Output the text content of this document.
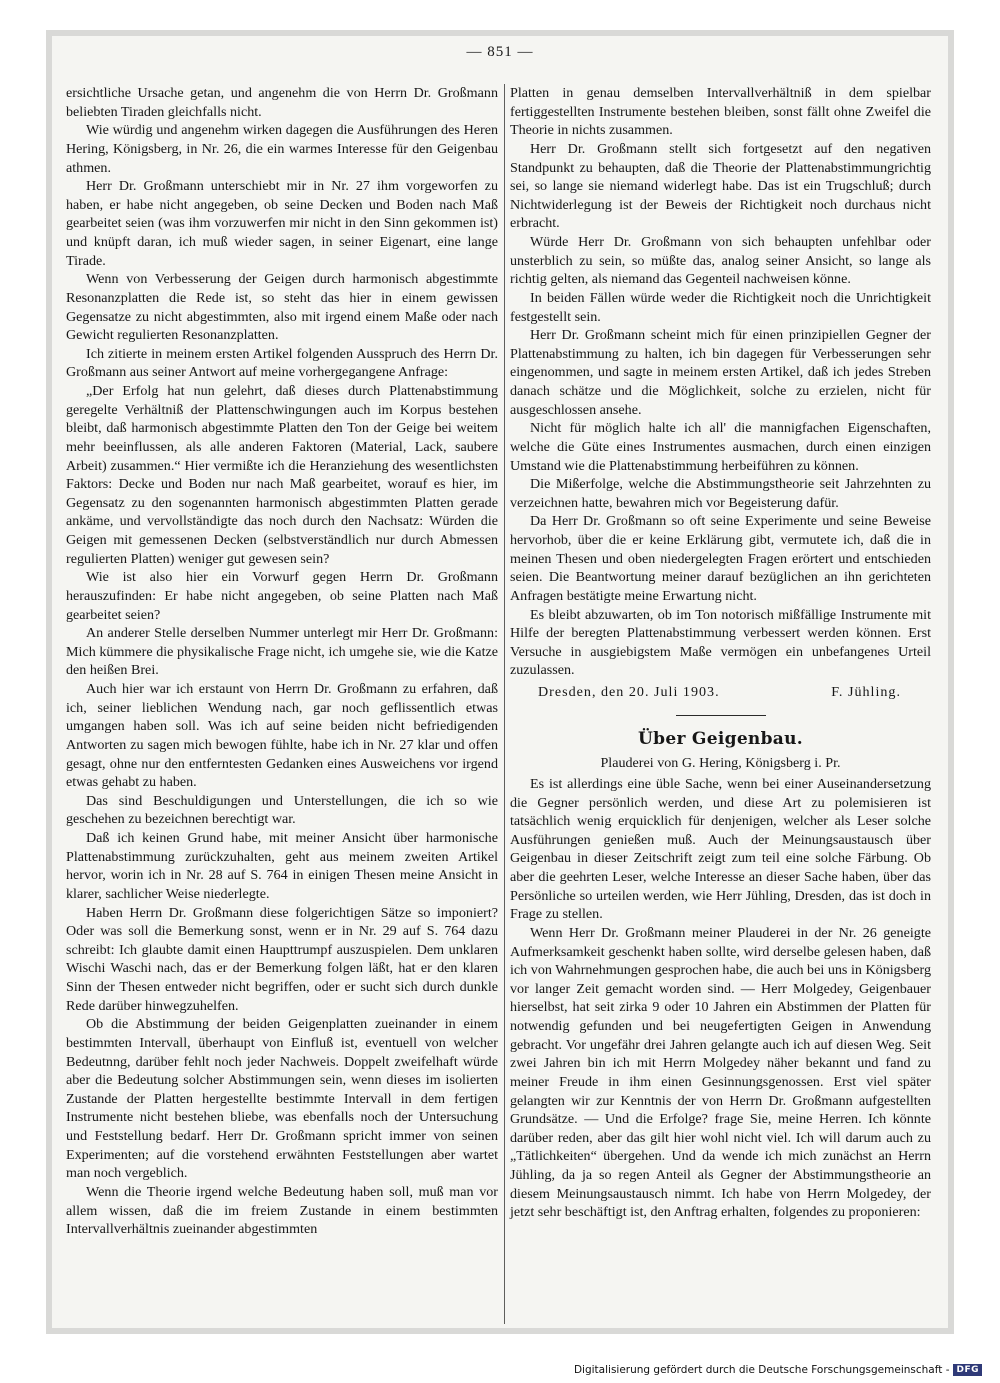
— 851 —

ersichtliche Ursache getan, und angenehm die von Herrn Dr. Großmann beliebten Tiraden gleichfalls nicht.

Wie würdig und angenehm wirken dagegen die Ausführungen des Heren Hering, Königsberg, in Nr. 26, die ein warmes Interesse für den Geigenbau athmen.

Herr Dr. Großmann unterschiebt mir in Nr. 27 ihm vorgeworfen zu haben, er habe nicht angegeben, ob seine Decken und Boden nach Maß gearbeitet seien (was ihm vorzuwerfen mir nicht in den Sinn gekommen ist) und knüpft daran, ich muß wieder sagen, in seiner Eigenart, eine lange Tirade.

Wenn von Verbesserung der Geigen durch harmonisch abgestimmte Resonanzplatten die Rede ist, so steht das hier in einem gewissen Gegensatze zu nicht abgestimmten, also mit irgend einem Maße oder nach Gewicht regulierten Resonanzplatten.

Ich zitierte in meinem ersten Artikel folgenden Ausspruch des Herrn Dr. Großmann aus seiner Antwort auf meine vorhergegangene Anfrage:

„Der Erfolg hat nun gelehrt, daß dieses durch Plattenabstimmung geregelte Verhältniß der Plattenschwingungen auch im Korpus bestehen bleibt, daß harmonisch abgestimmte Platten den Ton der Geige bei weitem mehr beeinflussen, als alle anderen Faktoren (Material, Lack, saubere Arbeit) zusammen.“ Hier vermißte ich die Heranziehung des wesentlichsten Faktors: Decke und Boden nur nach Maß gearbeitet, worauf es hier, im Gegensatz zu den sogenannten harmonisch abgestimmten Platten gerade ankäme, und vervollständigte das noch durch den Nachsatz: Würden die Geigen mit gemessenen Decken (selbstverständlich nur durch Abmessen regulierten Platten) weniger gut gewesen sein?

Wie ist also hier ein Vorwurf gegen Herrn Dr. Großmann herauszufinden: Er habe nicht angegeben, ob seine Platten nach Maß gearbeitet seien?

An anderer Stelle derselben Nummer unterlegt mir Herr Dr. Großmann: Mich kümmere die physikalische Frage nicht, ich umgehe sie, wie die Katze den heißen Brei.

Auch hier war ich erstaunt von Herrn Dr. Großmann zu erfahren, daß ich, seiner lieblichen Wendung nach, gar noch geflissentlich etwas umgangen haben soll. Was ich auf seine beiden nicht befriedigenden Antworten zu sagen mich bewogen fühlte, habe ich in Nr. 27 klar und offen gesagt, ohne nur den entferntesten Gedanken eines Ausweichens vor irgend etwas gehabt zu haben.

Das sind Beschuldigungen und Unterstellungen, die ich so wie geschehen zu bezeichnen berechtigt war.

Daß ich keinen Grund habe, mit meiner Ansicht über harmonische Plattenabstimmung zurückzuhalten, geht aus meinem zweiten Artikel hervor, worin ich in Nr. 28 auf S. 764 in einigen Thesen meine Ansicht in klarer, sachlicher Weise niederlegte.

Haben Herrn Dr. Großmann diese folgerichtigen Sätze so imponiert? Oder was soll die Bemerkung sonst, wenn er in Nr. 29 auf S. 764 dazu schreibt: Ich glaubte damit einen Haupttrumpf auszuspielen. Dem unklaren Wischi Waschi nach, das er der Bemerkung folgen läßt, hat er den klaren Sinn der Thesen entweder nicht begriffen, oder er sucht sich durch dunkle Rede darüber hinwegzuhelfen.

Ob die Abstimmung der beiden Geigenplatten zueinander in einem bestimmten Intervall, überhaupt von Einfluß ist, eventuell von welcher Bedeutnng, darüber fehlt noch jeder Nachweis. Doppelt zweifelhaft würde aber die Bedeutung solcher Abstimmungen sein, wenn dieses im isolierten Zustande der Platten hergestellte bestimmte Intervall in dem fertigen Instrumente nicht bestehen bliebe, was ebenfalls noch der Untersuchung und Feststellung bedarf. Herr Dr. Großmann spricht immer von seinen Experimenten; auf die vorstehend erwähnten Feststellungen aber wartet man noch vergeblich.

Wenn die Theorie irgend welche Bedeutung haben soll, muß man vor allem wissen, daß die im freiem Zustande in einem bestimmten Intervallverhältnis zueinander abgestimmten

Platten in genau demselben Intervallverhältniß in dem spielbar fertiggestellten Instrumente bestehen bleiben, sonst fällt ohne Zweifel die Theorie in nichts zusammen.

Herr Dr. Großmann stellt sich fortgesetzt auf den negativen Standpunkt zu behaupten, daß die Theorie der Plattenabstimmungrichtig sei, so lange sie niemand widerlegt habe. Das ist ein Trugschluß; durch Nichtwiderlegung ist der Beweis der Richtigkeit noch durchaus nicht erbracht.

Würde Herr Dr. Großmann von sich behaupten unfehlbar oder unsterblich zu sein, so müßte das, analog seiner Ansicht, so lange als richtig gelten, als niemand das Gegenteil nachweisen könne.

In beiden Fällen würde weder die Richtigkeit noch die Unrichtigkeit festgestellt sein.

Herr Dr. Großmann scheint mich für einen prinzipiellen Gegner der Plattenabstimmung zu halten, ich bin dagegen für Verbesserungen sehr eingenommen, und sagte in meinem ersten Artikel, daß ich jedes Streben danach schätze und die Möglichkeit, solche zu erzielen, nicht für ausgeschlossen ansehe.

Nicht für möglich halte ich all' die mannigfachen Eigenschaften, welche die Güte eines Instrumentes ausmachen, durch einen einzigen Umstand wie die Plattenabstimmung herbeiführen zu können.

Die Mißerfolge, welche die Abstimmungstheorie seit Jahrzehnten zu verzeichnen hatte, bewahren mich vor Begeisterung dafür.

Da Herr Dr. Großmann so oft seine Experimente und seine Beweise hervorhob, über die er keine Erklärung gibt, vermutete ich, daß die in meinen Thesen und oben niedergelegten Fragen erörtert und entschieden seien. Die Beantwortung meiner darauf bezüglichen an ihn gerichteten Anfragen bestätigte meine Erwartung nicht.

Es bleibt abzuwarten, ob im Ton notorisch mißfällige Instrumente mit Hilfe der beregten Plattenabstimmung verbessert werden können. Erst Versuche in ausgiebigstem Maße vermögen ein unbefangenes Urteil zuzulassen.

Dresden, den 20. Juli 1903.	F. Jühling.
Über Geigenbau.
Plauderei von G. Hering, Königsberg i. Pr.

Es ist allerdings eine üble Sache, wenn bei einer Auseinandersetzung die Gegner persönlich werden, und diese Art zu polemisieren ist tatsächlich wenig erquicklich für denjenigen, welcher als Leser solche Ausführungen genießen muß. Auch der Meinungsaustausch über Geigenbau in dieser Zeitschrift zeigt zum teil eine solche Färbung. Ob aber die geehrten Leser, welche Interesse an dieser Sache haben, über das Persönliche so urteilen werden, wie Herr Jühling, Dresden, das ist doch in Frage zu stellen.

Wenn Herr Dr. Großmann meiner Plauderei in der Nr. 26 geneigte Aufmerksamkeit geschenkt haben sollte, wird derselbe gelesen haben, daß ich von Wahrnehmungen gesprochen habe, die auch bei uns in Königsberg vor langer Zeit gemacht worden sind. — Herr Molgedey, Geigenbauer hierselbst, hat seit zirka 9 oder 10 Jahren ein Abstimmen der Platten für notwendig gefunden und bei neugefertigten Geigen in Anwendung gebracht. Vor ungefähr drei Jahren gelangte auch ich auf diesen Weg. Seit zwei Jahren bin ich mit Herrn Molgedey näher bekannt und fand zu meiner Freude in ihm einen Gesinnungsgenossen. Erst viel später gelangten wir zur Kenntnis der von Herrn Dr. Großmann aufgestellten Grundsätze. — Und die Erfolge? frage Sie, meine Herren. Ich könnte darüber reden, aber das gilt hier wohl nicht viel. Ich will darum auch zu „Tätlichkeiten“ übergehen. Und da wende ich mich zunächst an Herrn Jühling, da ja so regen Anteil als Gegner der Abstimmungstheorie an diesem Meinungsaustausch nimmt. Ich habe von Herrn Molgedey, der jetzt sehr beschäftigt ist, den Anftrag erhalten, folgendes zu proponieren:

Digitalisierung gefördert durch die Deutsche Forschungsgemeinschaft - DFG
